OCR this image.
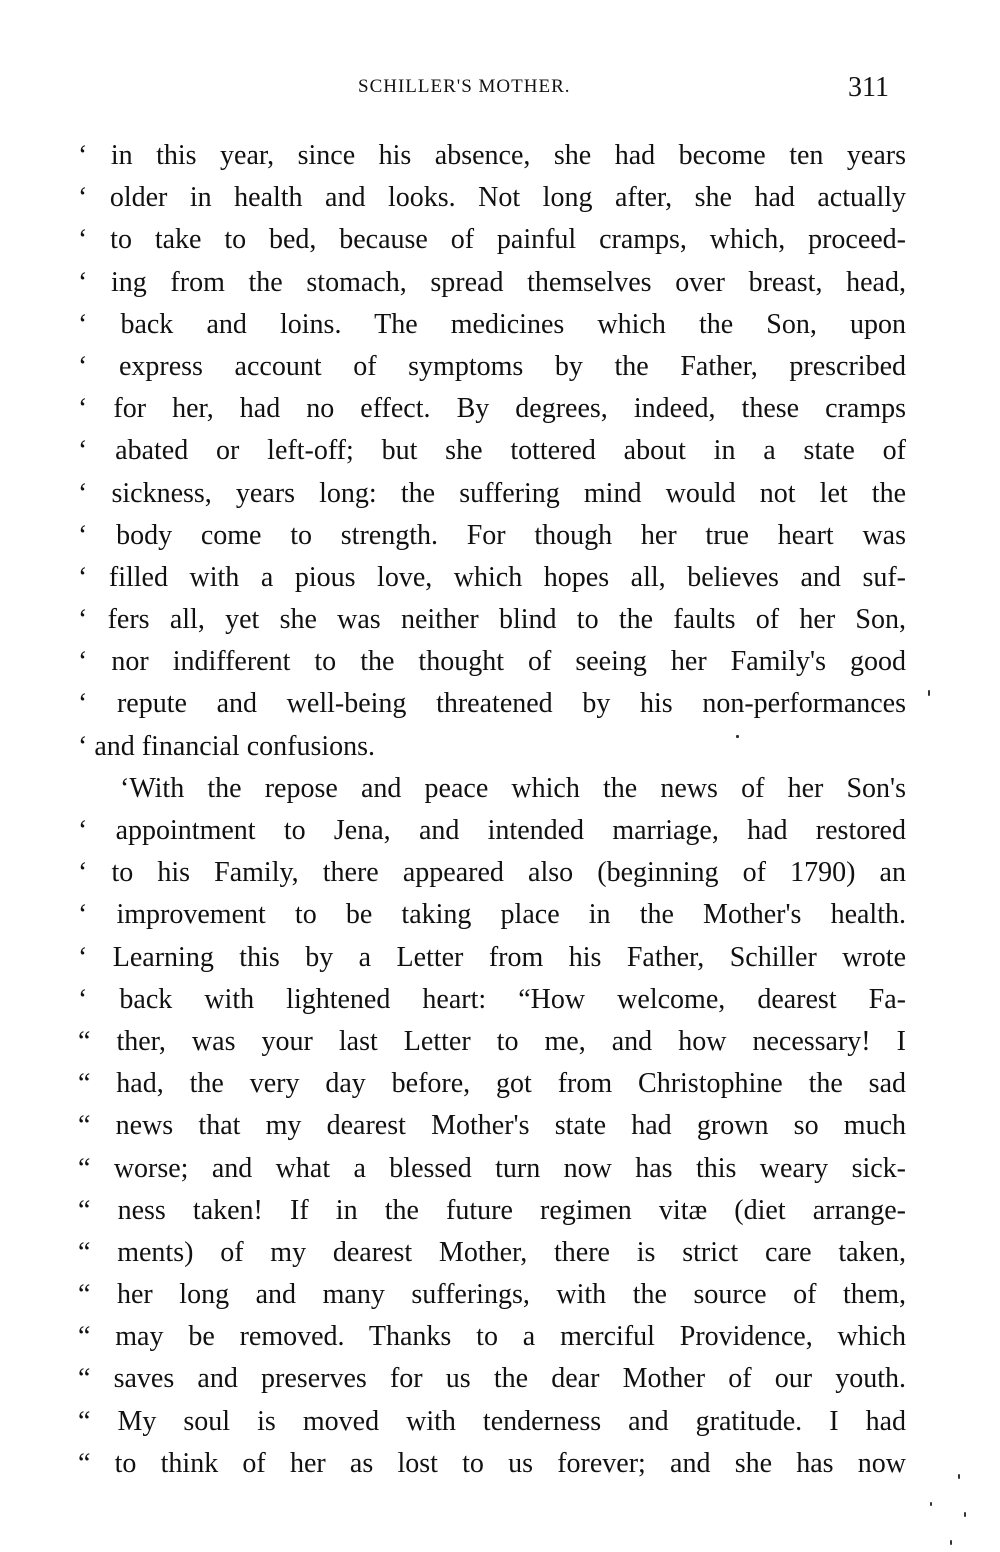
SCHILLER'S MOTHER.	311
‘ in this year, since his absence, she had become ten years
‘ older in health and looks. Not long after, she had actually
‘ to take to bed, because of painful cramps, which, proceed-
‘ ing from the stomach, spread themselves over breast, head,
‘ back and loins. The medicines which the Son, upon
‘ express account of symptoms by the Father, prescribed
‘ for her, had no effect. By degrees, indeed, these cramps
‘ abated or left-off; but she tottered about in a state of
‘ sickness, years long: the suffering mind would not let the
‘ body come to strength. For though her true heart was
‘ filled with a pious love, which hopes all, believes and suf-
‘ fers all, yet she was neither blind to the faults of her Son,
‘ nor indifferent to the thought of seeing her Family's good
‘ repute and well-being threatened by his non-performances
‘ and financial confusions.
‘With the repose and peace which the news of her Son's
‘ appointment to Jena, and intended marriage, had restored
‘ to his Family, there appeared also (beginning of 1790) an
‘ improvement to be taking place in the Mother's health.
‘ Learning this by a Letter from his Father, Schiller wrote
‘ back with lightened heart: “How welcome, dearest Fa-
“ ther, was your last Letter to me, and how necessary! I
“ had, the very day before, got from Christophine the sad
“ news that my dearest Mother's state had grown so much
“ worse; and what a blessed turn now has this weary sick-
“ ness taken! If in the future regimen vitæ (diet arrange-
“ ments) of my dearest Mother, there is strict care taken,
“ her long and many sufferings, with the source of them,
“ may be removed. Thanks to a merciful Providence, which
“ saves and preserves for us the dear Mother of our youth.
“ My soul is moved with tenderness and gratitude. I had
“ to think of her as lost to us forever; and she has now
